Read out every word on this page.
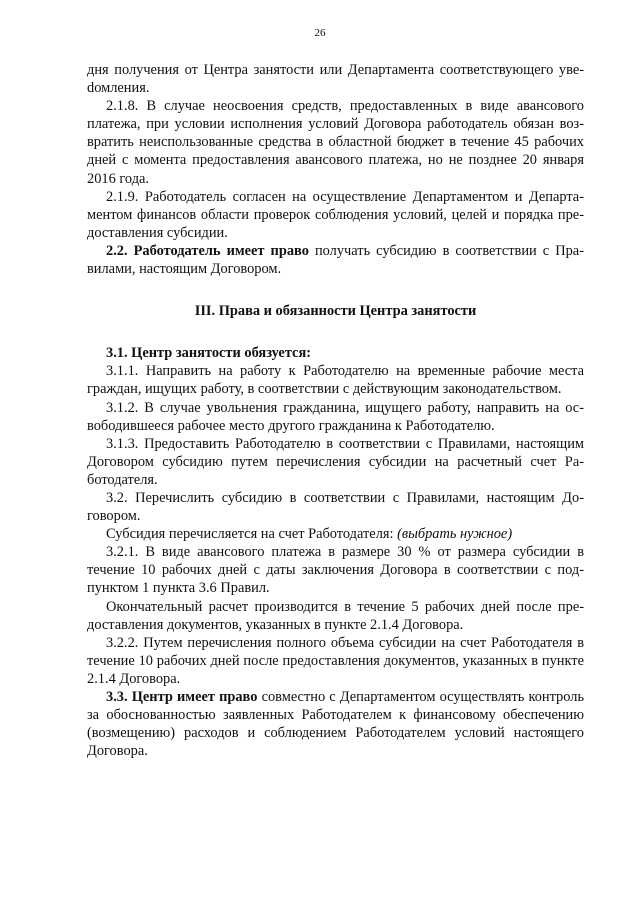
26

дня получения от Центра занятости или Департамента соответствующего увеdомления.

2.1.8. В случае неосвоения средств, предоставленных в виде авансового платежа, при условии исполнения условий Договора работодатель обязан возвратить неиспользованные средства в областной бюджет в течение 45 рабочих дней с момента предоставления авансового платежа, но не позднее 20 января 2016 года.

2.1.9. Работодатель согласен на осуществление Департаментом и Департаментом финансов области проверок соблюдения условий, целей и порядка предоставления субсидии.

2.2. Работодатель имеет право получать субсидию в соответствии с Правилами, настоящим Договором.

III. Права и обязанности Центра занятости

3.1. Центр занятости обязуется:

3.1.1. Направить на работу к Работодателю на временные рабочие места граждан, ищущих работу, в соответствии с действующим законодательством.

3.1.2. В случае увольнения гражданина, ищущего работу, направить на освободившееся рабочее место другого гражданина к Работодателю.

3.1.3. Предоставить Работодателю в соответствии с Правилами, настоящим Договором субсидию путем перечисления субсидии на расчетный счет Работодателя.

3.2. Перечислить субсидию в соответствии с Правилами, настоящим Договором.

Субсидия перечисляется на счет Работодателя: (выбрать нужное)

3.2.1. В виде авансового платежа в размере 30 % от размера субсидии в течение 10 рабочих дней с даты заключения Договора в соответствии с подпунктом 1 пункта 3.6 Правил.

Окончательный расчет производится в течение 5 рабочих дней после предоставления документов, указанных в пункте 2.1.4 Договора.

3.2.2. Путем перечисления полного объема субсидии на счет Работодателя в течение 10 рабочих дней после предоставления документов, указанных в пункте 2.1.4 Договора.

3.3. Центр имеет право совместно с Департаментом осуществлять контроль за обоснованностью заявленных Работодателем к финансовому обеспечению (возмещению) расходов и соблюдением Работодателем условий настоящего Договора.
